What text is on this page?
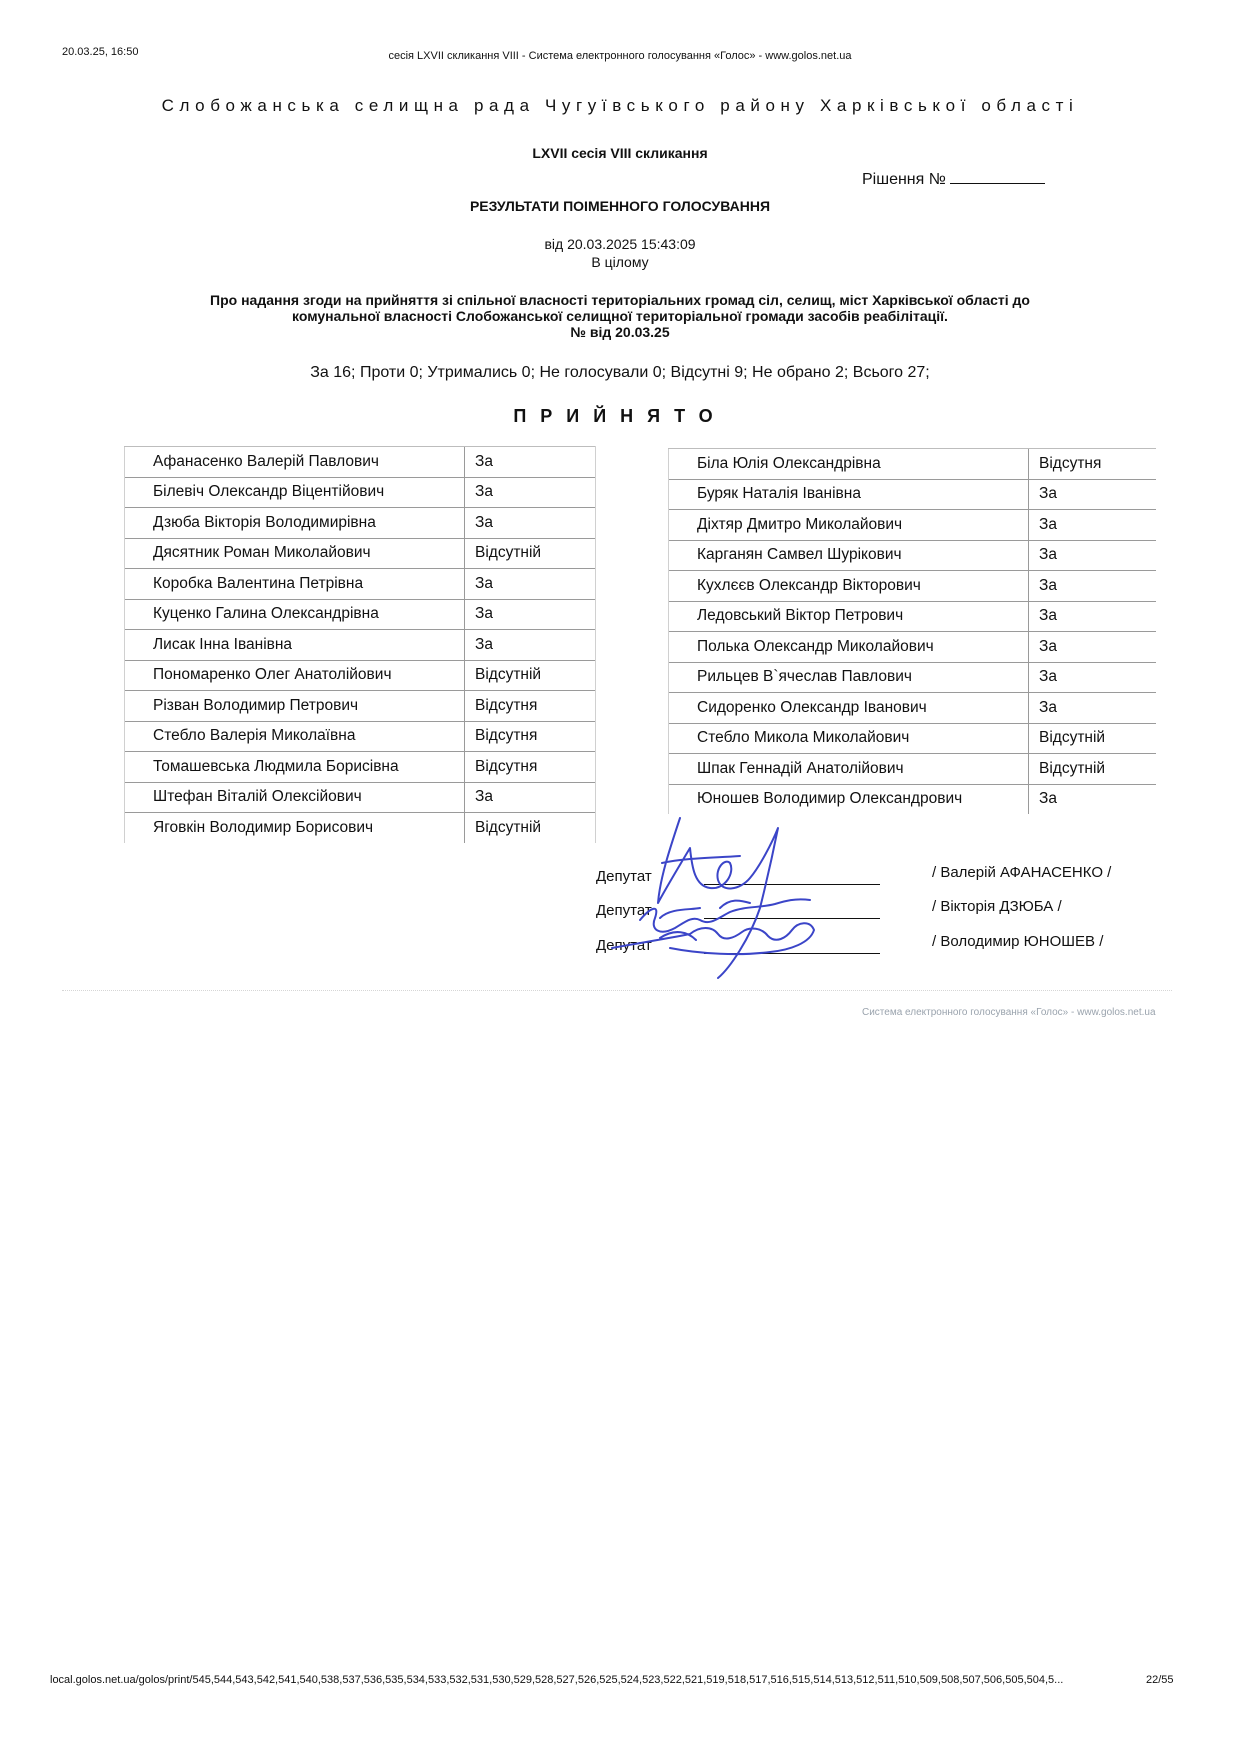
20.03.25, 16:50	сесія LXVII скликання VIII - Система електронного голосування «Голос» - www.golos.net.ua
Слобожанська селищна рада Чугуївського району Харківської області
LXVII сесія VIII скликання
Рішення №
РЕЗУЛЬТАТИ ПОІМЕННОГО ГОЛОСУВАННЯ
від 20.03.2025 15:43:09
В цілому
Про надання згоди на прийняття зі спільної власності територіальних громад сіл, селищ, міст Харківської області до
комунальної власності Слобожанської селищної територіальної громади засобів реабілітації.
№ від 20.03.25
За 16; Проти 0; Утримались 0; Не голосували 0; Відсутні 9; Не обрано 2; Всього 27;
ПРИЙНЯТО
Афанасенко Валерій Павлович	За
Білевіч Олександр Віцентійович	За
Дзюба Вікторія Володимирівна	За
Дясятник Роман Миколайович	Відсутній
Коробка Валентина Петрівна	За
Куценко Галина Олександрівна	За
Лисак Інна Іванівна	За
Пономаренко Олег Анатолійович	Відсутній
Різван Володимир Петрович	Відсутня
Стебло Валерія Миколаївна	Відсутня
Томашевська Людмила Борисівна	Відсутня
Штефан Віталій Олексійович	За
Яговкін Володимир Борисович	Відсутній
Біла Юлія Олександрівна	Відсутня
Буряк Наталія Іванівна	За
Діхтяр Дмитро Миколайович	За
Карганян Самвел Шурікович	За
Кухлєєв Олександр Вікторович	За
Ледовський Віктор Петрович	За
Полька Олександр Миколайович	За
Рильцев В`ячеслав Павлович	За
Сидоренко Олександр Іванович	За
Стебло Микола Миколайович	Відсутній
Шпак Геннадій Анатолійович	Відсутній
Юношев Володимир Олександрович	За
Депутат	/ Валерій АФАНАСЕНКО /
Депутат	/ Вікторія ДЗЮБА /
Депутат	/ Володимир ЮНОШЕВ /
Система електронного голосування «Голос» - www.golos.net.ua
local.golos.net.ua/golos/print/545,544,543,542,541,540,538,537,536,535,534,533,532,531,530,529,528,527,526,525,524,523,522,521,519,518,517,516,515,514,513,512,511,510,509,508,507,506,505,504,5...	22/55
